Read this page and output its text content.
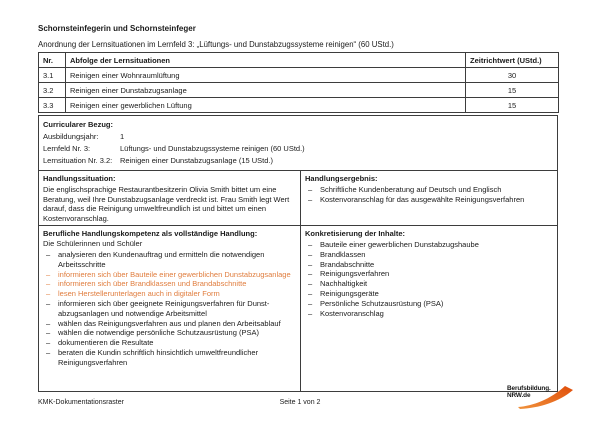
Schornsteinfegerin und Schornsteinfeger
Anordnung der Lernsituationen im Lernfeld 3: „Lüftungs- und Dunstabzugssysteme reinigen“ (60 UStd.)
Nr.	Abfolge der Lernsituationen	Zeitrichtwert (UStd.)
3.1	Reinigen einer Wohnraumlüftung	30
3.2	Reinigen einer Dunstabzugsanlage	15
3.3	Reinigen einer gewerblichen Lüftung	15
Curricularer Bezug:
Ausbildungsjahr:	1
Lernfeld Nr. 3:	Lüftungs- und Dunstabzugssysteme reinigen (60 UStd.)
Lernsituation Nr. 3.2:	Reinigen einer Dunstabzugsanlage (15 UStd.)
Handlungssituation:
Die englischsprachige Restaurantbesitzerin Olivia Smith bittet um eine Beratung, weil Ihre Dunstabzugsanlage verdreckt ist. Frau Smith legt Wert darauf, dass die Reinigung umweltfreundlich ist und bittet um einen Kostenvoranschlag.
Handlungsergebnis:
– Schriftliche Kundenberatung auf Deutsch und Englisch
– Kostenvoranschlag für das ausgewählte Reinigungsverfahren
Berufliche Handlungskompetenz als vollständige Handlung:
Die Schülerinnen und Schüler
– analysieren den Kundenauftrag und ermitteln die notwendigen Arbeitsschritte
– informieren sich über Bauteile einer gewerblichen Dunstabzugsanlage
– informieren sich über Brandklassen und Brandabschnitte
– lesen Herstellerunterlagen auch in digitaler Form
– informieren sich über geeignete Reinigungsverfahren für Dunstabzugsanlagen und notwendige Arbeitsmittel
– wählen das Reinigungsverfahren aus und planen den Arbeitsablauf
– wählen die notwendige persönliche Schutzausrüstung (PSA)
– dokumentieren die Resultate
– beraten die Kundin schriftlich hinsichtlich umweltfreundlicher Reinigungsverfahren
Konkretisierung der Inhalte:
– Bauteile einer gewerblichen Dunstabzugshaube
– Brandklassen
– Brandabschnitte
– Reinigungsverfahren
– Nachhaltigkeit
– Reinigungsgeräte
– Persönliche Schutzausrüstung (PSA)
– Kostenvoranschlag
KMK-Dokumentationsraster	Seite 1 von 2
Berufsbildung.
NRW.de
